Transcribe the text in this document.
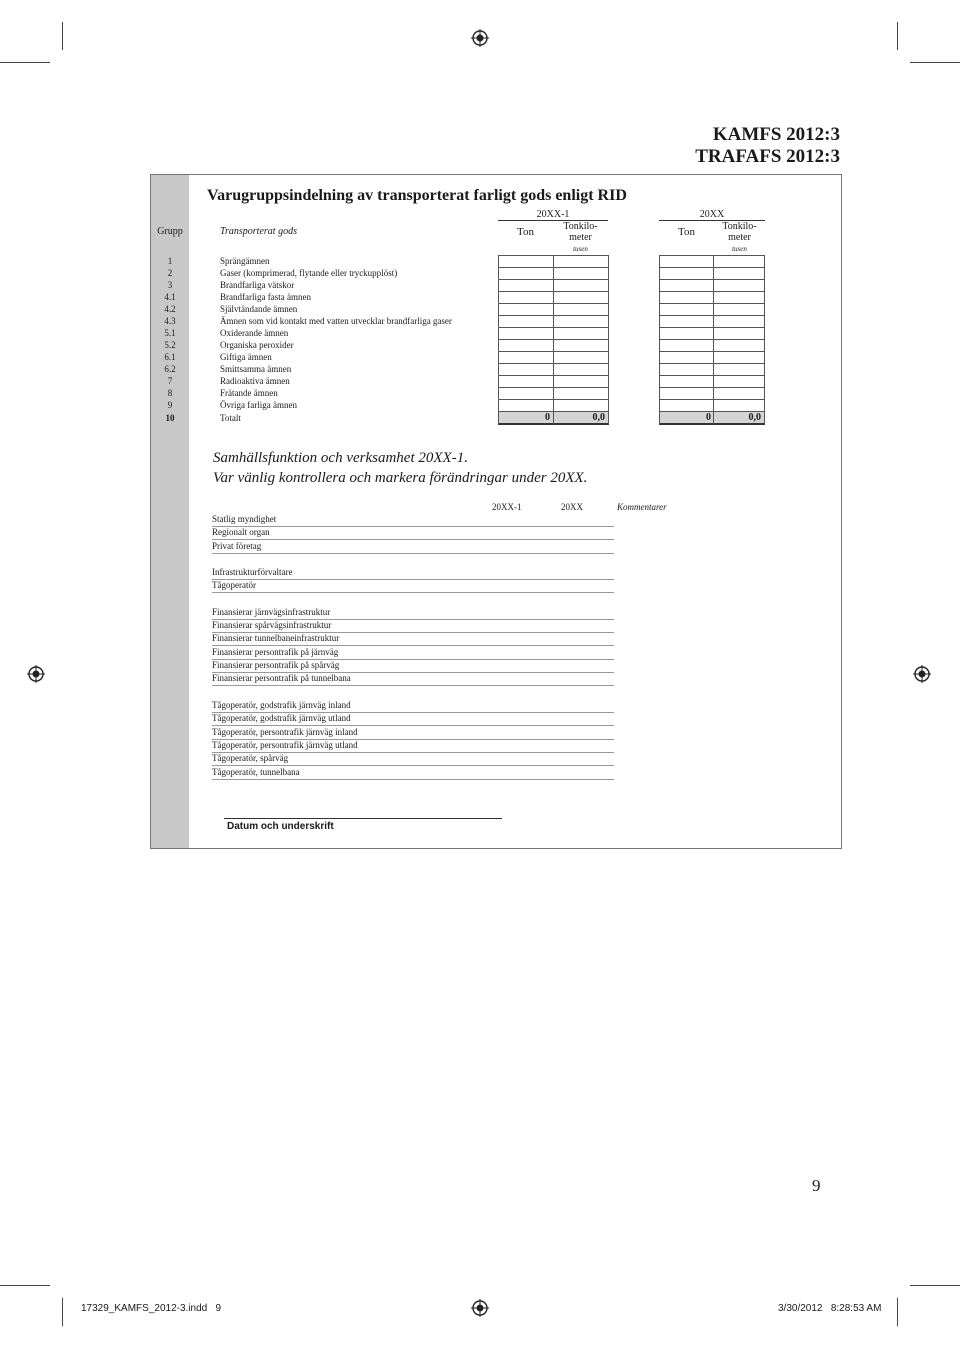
KAMFS 2012:3
TRAFAFS 2012:3
Varugruppsindelning av transporterat farligt gods enligt RID
Grupp	Transporterat gods
20XX-1
Ton	Tonkilo-
meter
tusen
20XX
Ton	Tonkilo-
meter
tusen
1	Sprängämnen
2	Gaser (komprimerad, flytande eller tryckupplöst)
3	Brandfarliga vätskor
4.1	Brandfarliga fasta ämnen
4.2	Självtändande ämnen
4.3	Ämnen som vid kontakt med vatten utvecklar brandfarliga gaser
5.1	Oxiderande ämnen
5.2	Organiska peroxider
6.1	Giftiga ämnen
6.2	Smittsamma ämnen
7	Radioaktiva ämnen
8	Frätande ämnen
9	Övriga farliga ämnen
10	Totalt	0	0,0	0	0,0
Samhällsfunktion och verksamhet 20XX-1.
Var vänlig kontrollera och markera förändringar under 20XX.
20XX-1	20XX	Kommentarer
Statlig myndighet
Regionalt organ
Privat företag
Infrastrukturförvaltare
Tågoperatör
Finansierar järnvägsinfrastruktur
Finansierar spårvägsinfrastruktur
Finansierar tunnelbaneinfrastruktur
Finansierar persontrafik på järnväg
Finansierar persontrafik på spårväg
Finansierar persontrafik på tunnelbana
Tågoperatör, godstrafik järnväg inland
Tågoperatör, godstrafik järnväg utland
Tågoperatör, persontrafik järnväg inland
Tågoperatör, persontrafik järnväg utland
Tågoperatör, spårväg
Tågoperatör, tunnelbana
Datum och underskrift
9
17329_KAMFS_2012-3.indd   9	3/30/2012   8:28:53 AM
